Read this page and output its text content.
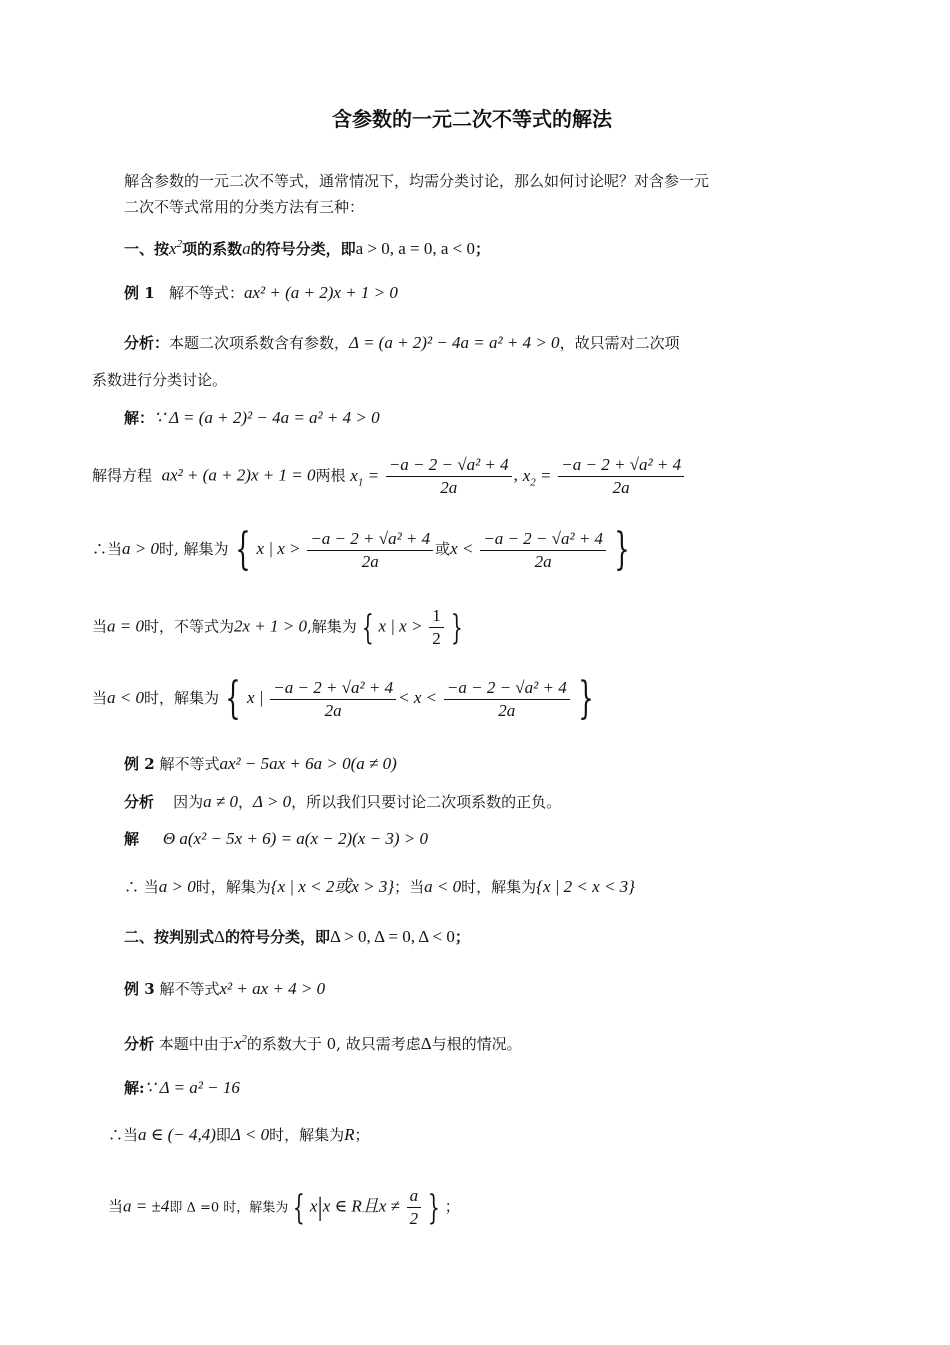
含参数的一元二次不等式的解法
解含参数的一元二次不等式，通常情况下，均需分类讨论，那么如何讨论呢？对含参一元
二次不等式常用的分类方法有三种：
一、按$x^2$项的系数a的符号分类，即a > 0, a = 0, a < 0；
例 1 解不等式：ax² + (a + 2)x + 1 > 0
分析：本题二次项系数含有参数，Δ = (a + 2)² − 4a = a² + 4 > 0，故只需对二次项
系数进行分类讨论。
解：∵ Δ = (a + 2)² − 4a = a² + 4 > 0
解得方程 ax² + (a + 2)x + 1 = 0两根 $x_1 = \frac{\text{−a − 2 − √a² + 4}}{2a}$ , $x_2 = \frac{\text{−a − 2 + √a² + 4}}{2a}$
∴当a > 0时, 解集为 { x | $x > \frac{\text{−a − 2 + √a² + 4}}{2a}$ 或$x < \frac{\text{−a − 2 − √a² + 4}}{2a}$ }
当a = 0时，不等式为2x + 1 > 0,解集为 { x | $x > \frac{1}{2}$ }
当a < 0时，解集为 { x | $\frac{\text{−a − 2 + √a² + 4}}{2a} < x < \frac{\text{−a − 2 − √a² + 4}}{2a}$ }
例 2 解不等式ax² − 5ax + 6a > 0(a ≠ 0)
分析 因为a ≠ 0，Δ > 0，所以我们只要讨论二次项系数的正负。
解 Θ a(x² − 5x + 6) = a(x − 2)(x − 3) > 0
∴ 当a > 0时，解集为{x | x < 2或x > 3}；当a < 0时，解集为{x | 2 < x < 3}
二、按判别式Δ的符号分类，即Δ > 0, Δ = 0, Δ < 0；
例 3 解不等式x² + ax + 4 > 0
分析 本题中由于$x^2$的系数大于 0, 故只需考虑Δ与根的情况。
解:∵ Δ = a² − 16
∴当a ∈ (− 4,4)即Δ < 0时，解集为R；
当a = ±4即 Δ =0 时，解集为 { x|x ∈ R且$x \ne \frac{a}{2}$ } ；
